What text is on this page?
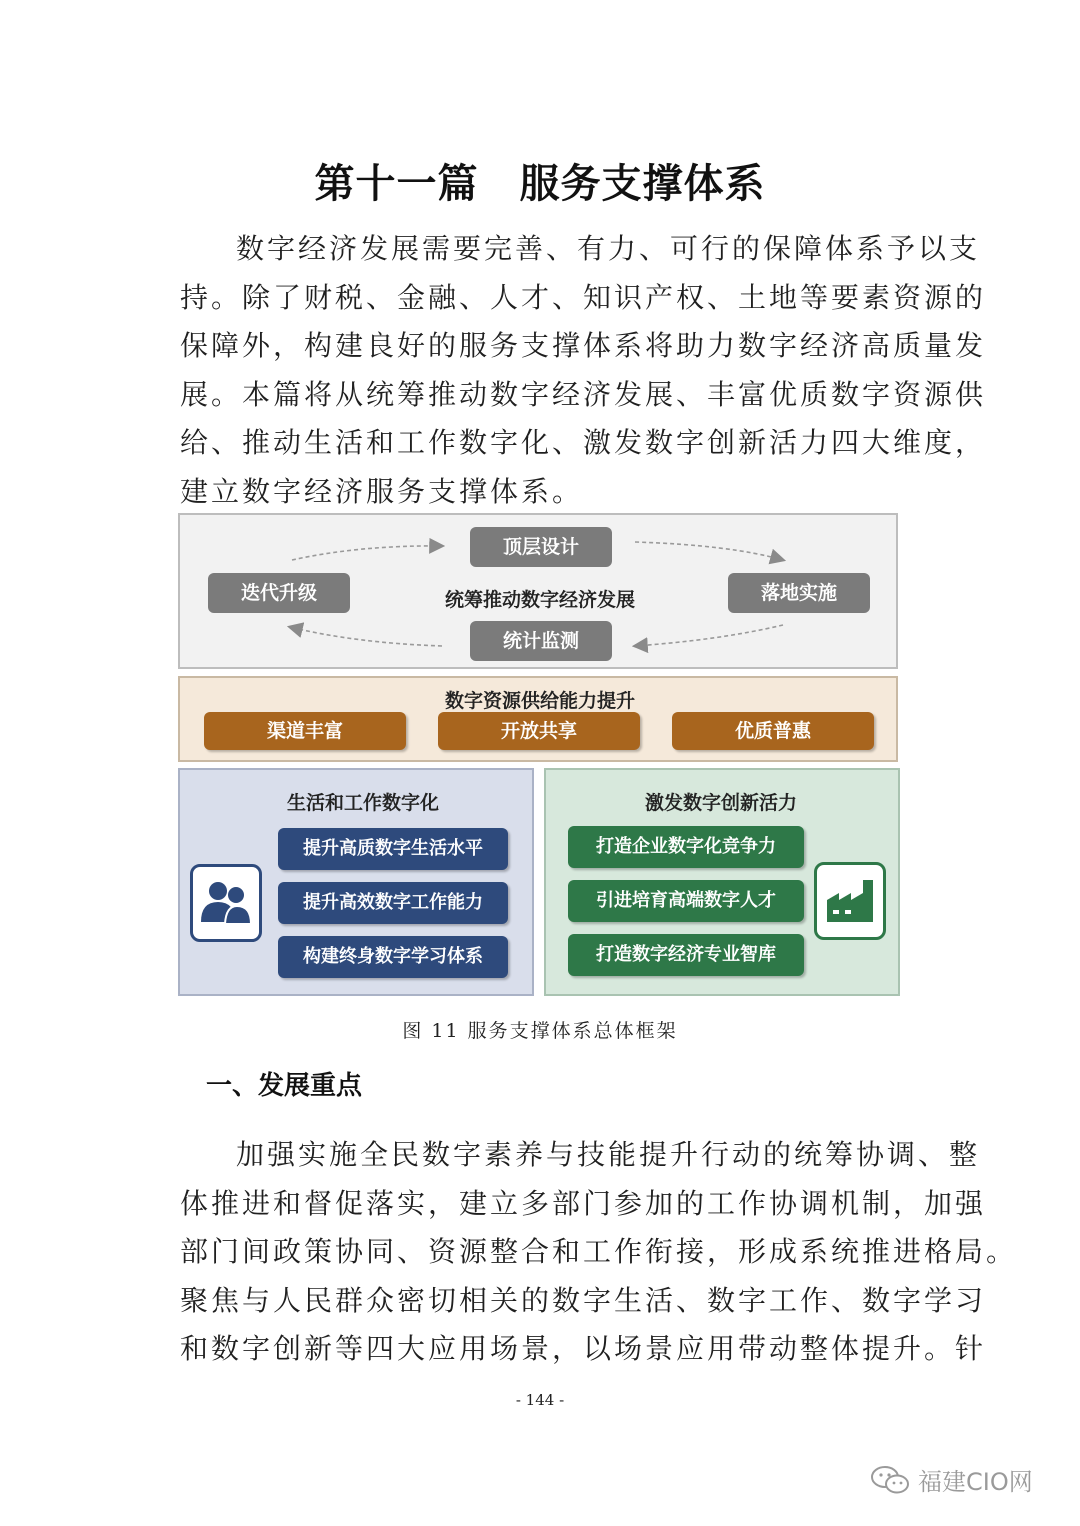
第十一篇　服务支撑体系

数字经济发展需要完善、有力、可行的保障体系予以支
持。除了财税、金融、人才、知识产权、土地等要素资源的
保障外，构建良好的服务支撑体系将助力数字经济高质量发
展。本篇将从统筹推动数字经济发展、丰富优质数字资源供
给、推动生活和工作数字化、激发数字创新活力四大维度，
建立数字经济服务支撑体系。

顶层设计
落地实施
统计监测
迭代升级	统筹推动数字经济发展
数字资源供给能力提升
渠道丰富	开放共享	优质普惠
生活和工作数字化
提升高质数字生活水平
提升高效数字工作能力
构建终身数字学习体系
激发数字创新活力
打造企业数字化竞争力
引进培育高端数字人才
打造数字经济专业智库
图 11 服务支撑体系总体框架
一、发展重点

加强实施全民数字素养与技能提升行动的统筹协调、整
体推进和督促落实，建立多部门参加的工作协调机制，加强
部门间政策协同、资源整合和工作衔接，形成系统推进格局。
聚焦与人民群众密切相关的数字生活、数字工作、数字学习
和数字创新等四大应用场景，以场景应用带动整体提升。针

- 144 -
福建CIO网
